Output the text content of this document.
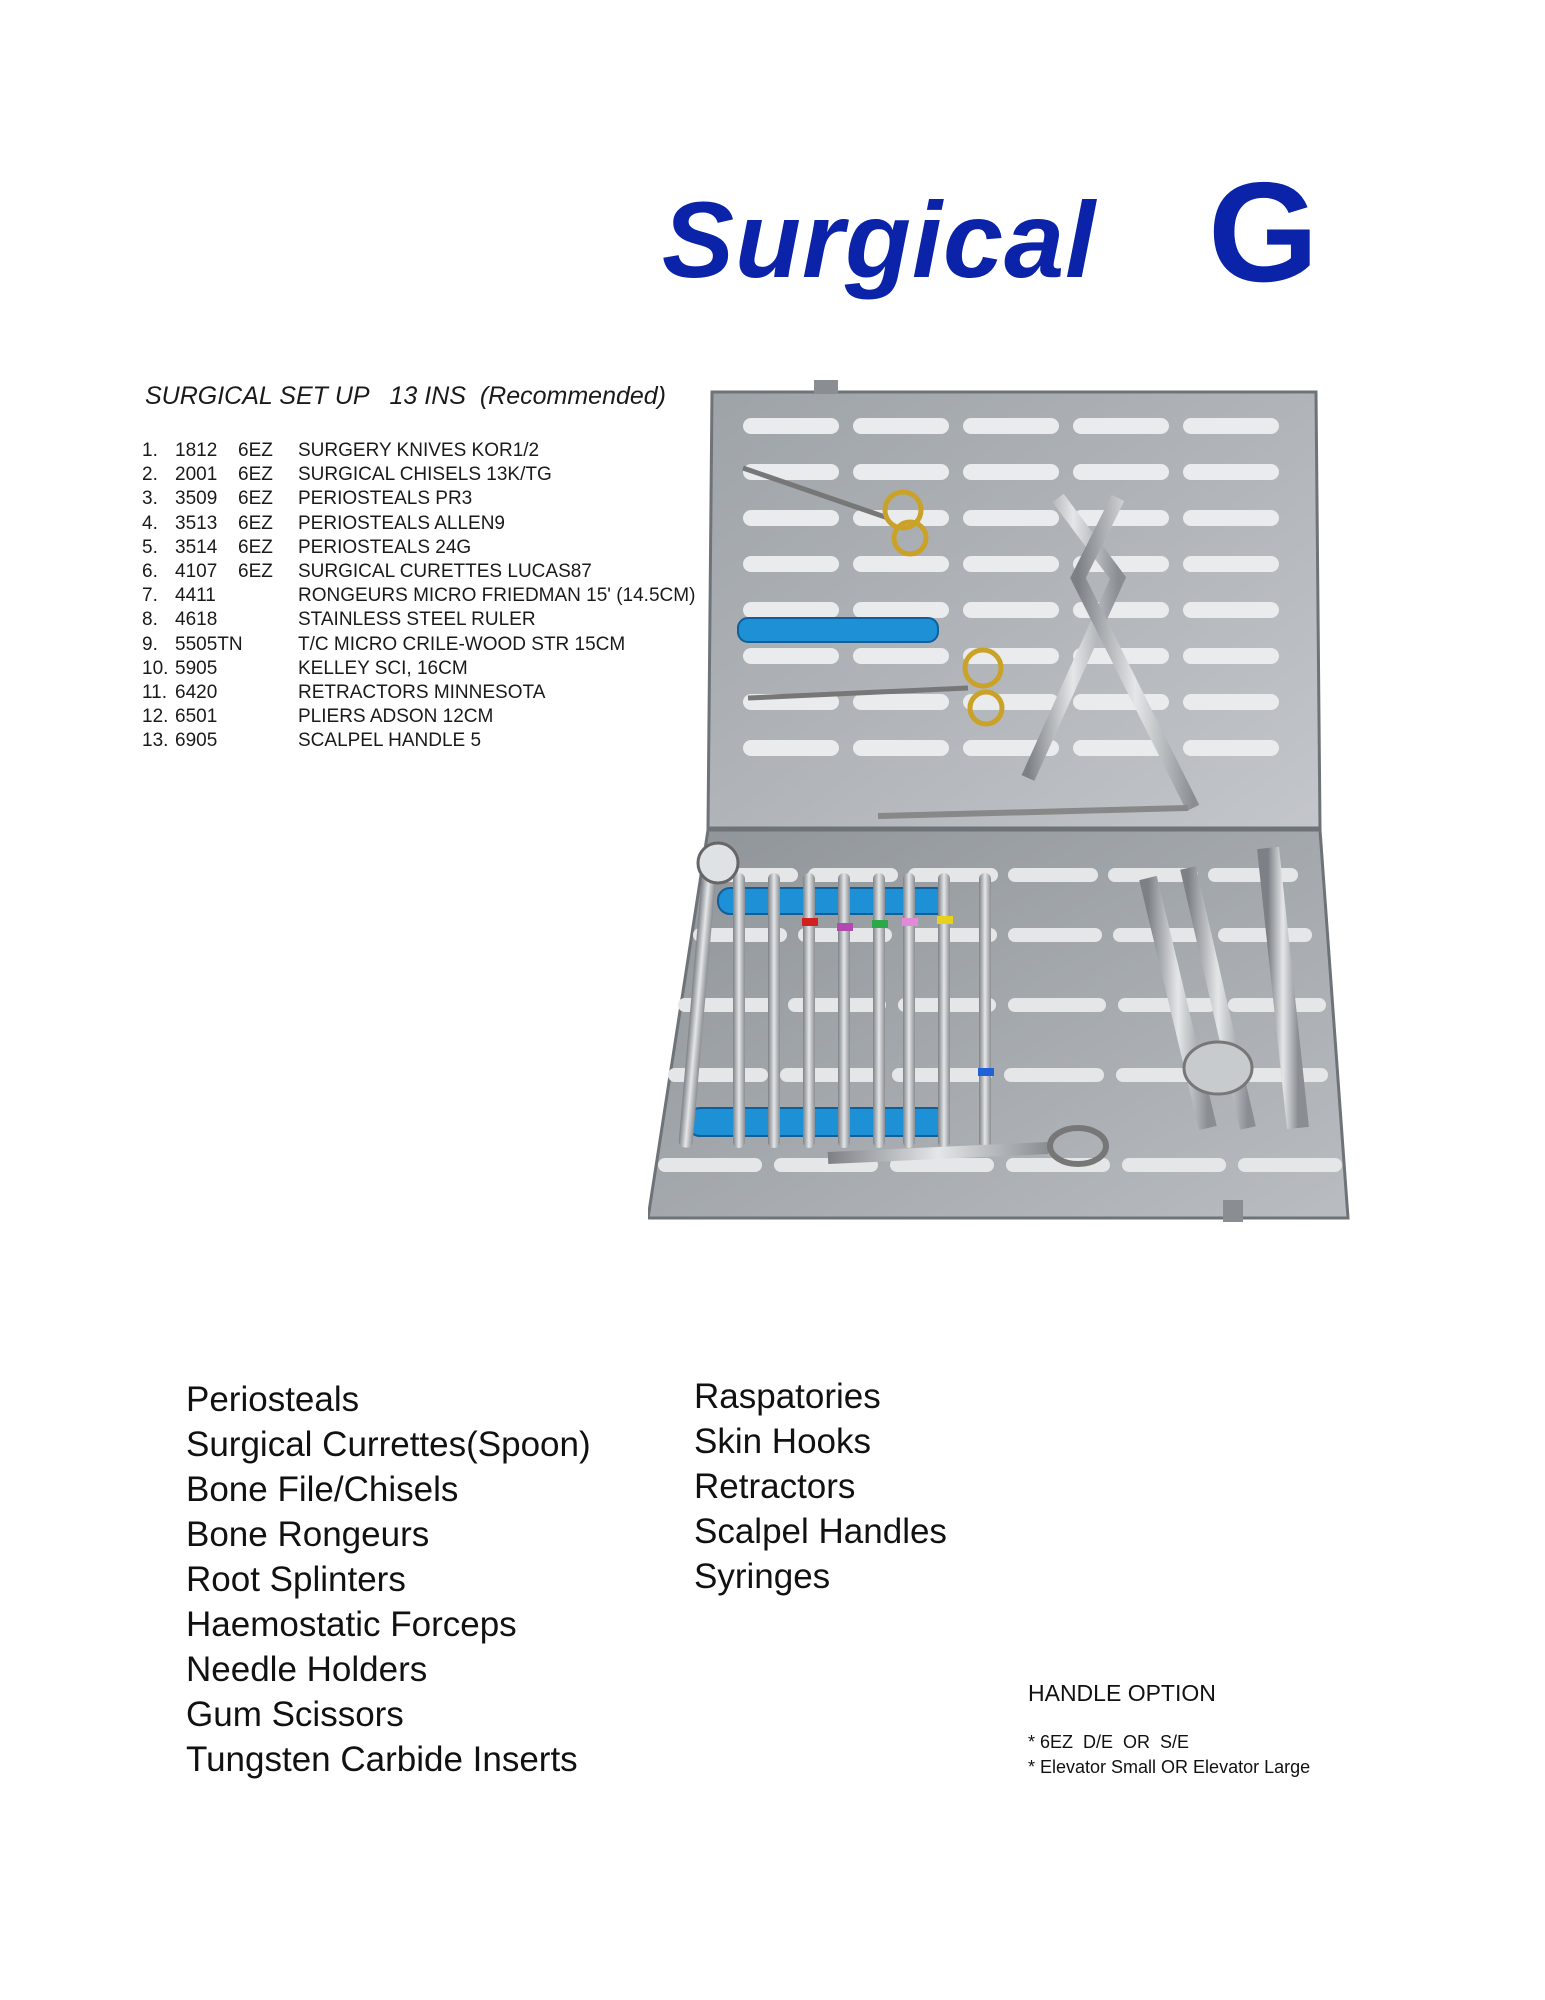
Surgical G
SURGICAL SET UP   13 INS  (Recommended)
1. 1812 6EZ SURGERY KNIVES KOR1/2
2. 2001 6EZ SURGICAL CHISELS 13K/TG
3. 3509 6EZ PERIOSTEALS PR3
4. 3513 6EZ PERIOSTEALS ALLEN9
5. 3514 6EZ PERIOSTEALS 24G
6. 4107 6EZ SURGICAL CURETTES LUCAS87
7. 4411	RONGEURS MICRO FRIEDMAN 15' (14.5CM)
8. 4618	STAINLESS STEEL RULER
9. 5505TN	T/C MICRO CRILE-WOOD STR 15CM
10. 5905	KELLEY SCI, 16CM
11. 6420	RETRACTORS MINNESOTA
12. 6501	PLIERS ADSON 12CM
13. 6905	SCALPEL HANDLE 5
Periosteals
Surgical Currettes(Spoon)
Bone File/Chisels
Bone Rongeurs
Root Splinters
Haemostatic Forceps
Needle Holders
Gum Scissors
Tungsten Carbide Inserts
Raspatories
Skin Hooks
Retractors
Scalpel Handles
Syringes
HANDLE OPTION
* 6EZ  D/E  OR  S/E
* Elevator Small OR Elevator Large
